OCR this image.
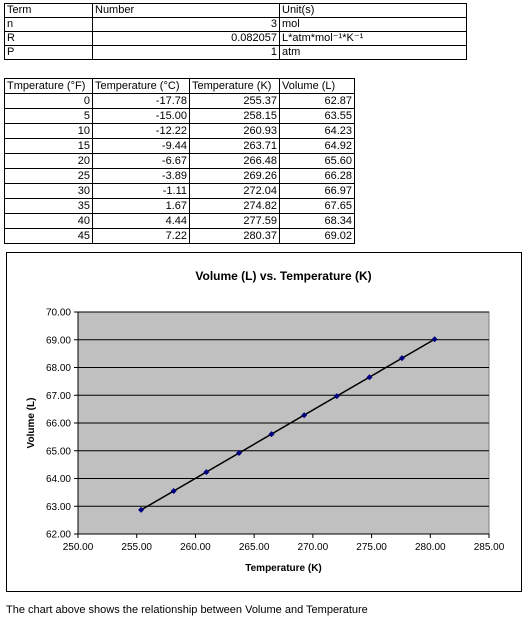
Term	Number	Unit(s)
n	3	mol
R	0.082057	L*atm*mol⁻¹*K⁻¹
P	1	atm
Tmperature (°F)	Temperature (°C)	Temperature (K)	Volume (L)
0	-17.78	255.37	62.87
5	-15.00	258.15	63.55
10	-12.22	260.93	64.23
15	-9.44	263.71	64.92
20	-6.67	266.48	65.60
25	-3.89	269.26	66.28
30	-1.11	272.04	66.97
35	1.67	274.82	67.65
40	4.44	277.59	68.34
45	7.22	280.37	69.02
62.00
63.00
64.00
65.00
66.00
67.00
68.00
69.00
70.00
250.00	255.00	260.00	265.00	270.00	275.00	280.00	285.00
Volume (L) vs. Temperature (K)
Temperature (K)
Volume (L)
The chart above shows the relationship between Volume and Temperature
